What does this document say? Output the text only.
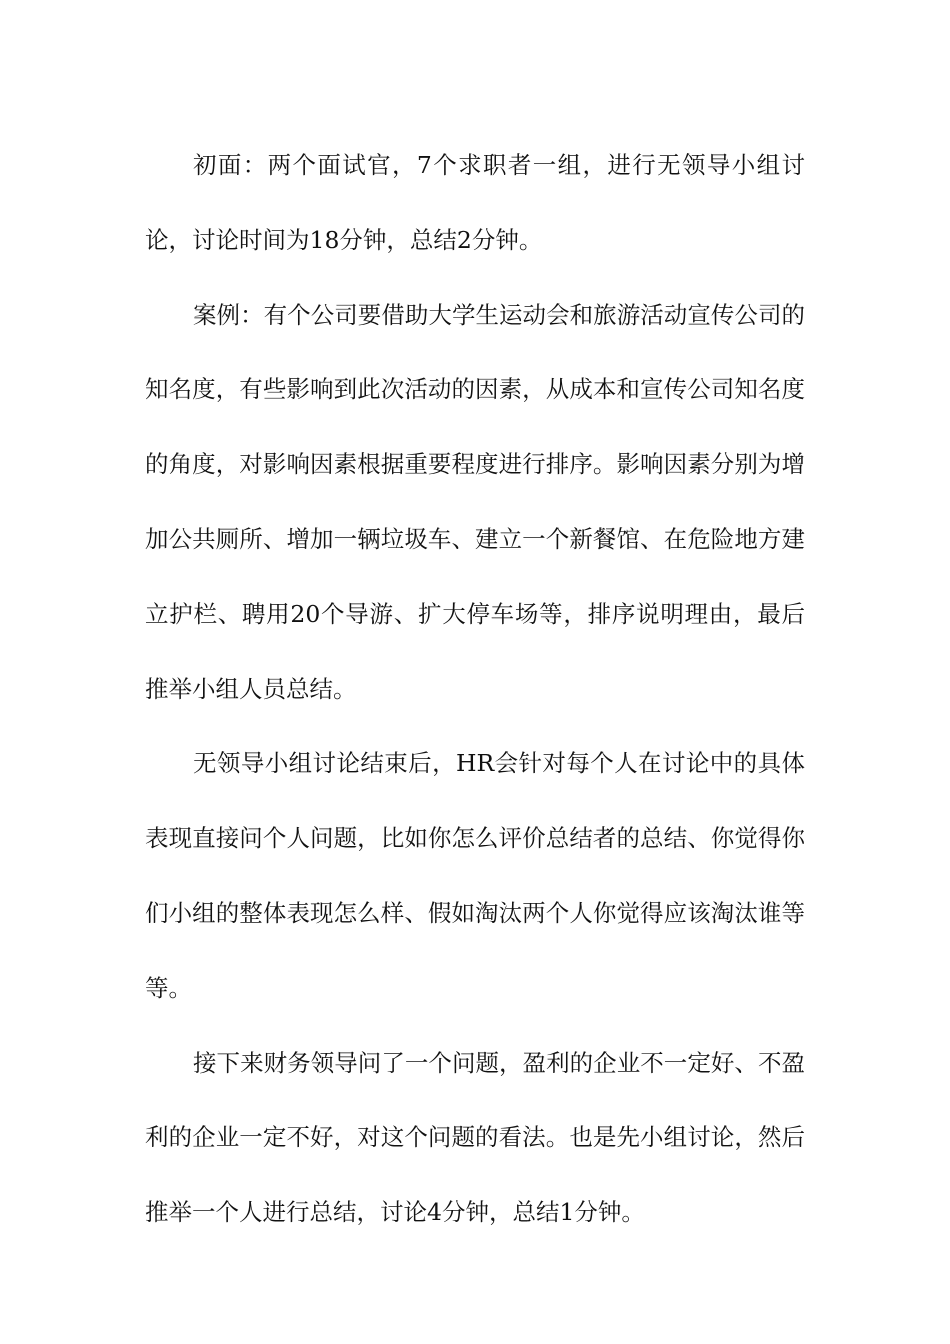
初面：两个面试官，7个求职者一组，进行无领导小组讨论，讨论时间为18分钟，总结2分钟。

案例：有个公司要借助大学生运动会和旅游活动宣传公司的知名度，有些影响到此次活动的因素，从成本和宣传公司知名度的角度，对影响因素根据重要程度进行排序。影响因素分别为增加公共厕所、增加一辆垃圾车、建立一个新餐馆、在危险地方建立护栏、聘用20个导游、扩大停车场等，排序说明理由，最后推举小组人员总结。

无领导小组讨论结束后，HR会针对每个人在讨论中的具体表现直接问个人问题，比如你怎么评价总结者的总结、你觉得你们小组的整体表现怎么样、假如淘汰两个人你觉得应该淘汰谁等等。

接下来财务领导问了一个问题，盈利的企业不一定好、不盈利的企业一定不好，对这个问题的看法。也是先小组讨论，然后推举一个人进行总结，讨论4分钟，总结1分钟。
